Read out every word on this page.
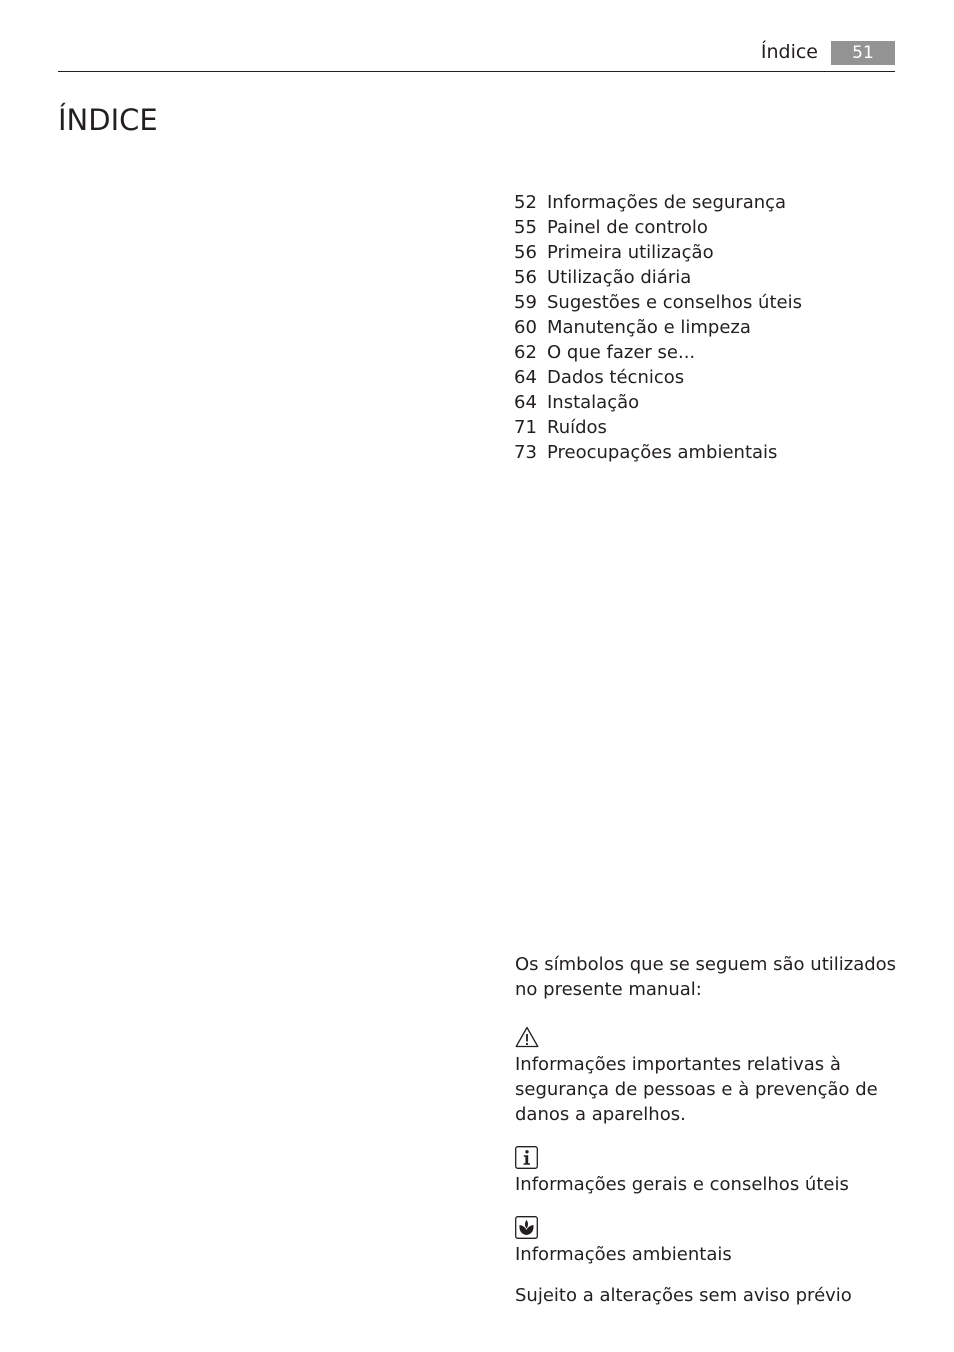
Índice	51
ÍNDICE
52 Informações de segurança
55 Painel de controlo
56 Primeira utilização
56 Utilização diária
59 Sugestões e conselhos úteis
60 Manutenção e limpeza
62 O que fazer se...
64 Dados técnicos
64 Instalação
71 Ruídos
73 Preocupações ambientais

Os símbolos que se seguem são utilizados no presente manual:

Informações importantes relativas à segurança de pessoas e à prevenção de danos a aparelhos.

Informações gerais e conselhos úteis

Informações ambientais

Sujeito a alterações sem aviso prévio
